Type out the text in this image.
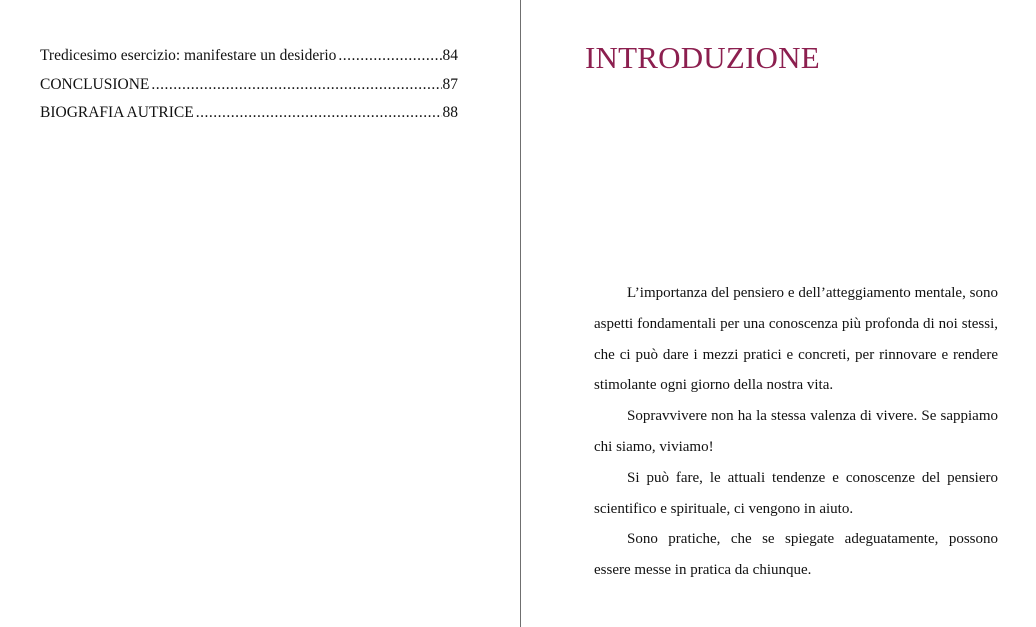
Tredicesimo esercizio: manifestare un desiderio .....	84
CONCLUSIONE .....	87
BIOGRAFIA AUTRICE .....	88
INTRODUZIONE

L’importanza del pensiero e dell’atteggiamento mentale, sono aspetti fondamentali per una conoscenza più profonda di noi stessi, che ci può dare i mezzi pratici e concreti, per rinnovare e rendere stimolante ogni giorno della nostra vita.

Sopravvivere non ha la stessa valenza di vivere. Se sappiamo chi siamo, viviamo!

Si può fare, le attuali tendenze e conoscenze del pensiero scientifico e spirituale, ci vengono in aiuto.

Sono pratiche, che se spiegate adeguatamente, possono essere messe in pratica da chiunque.
